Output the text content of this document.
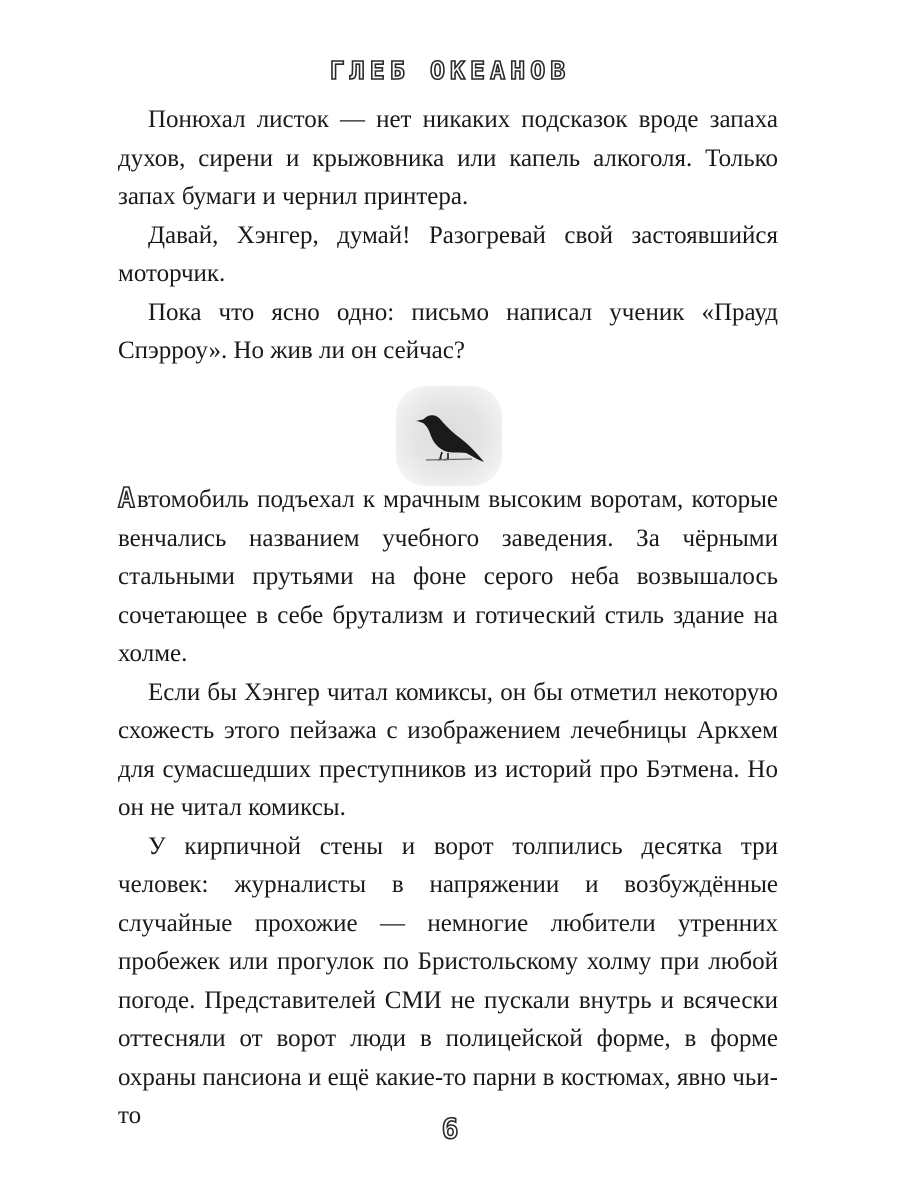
ГЛЕБ ОКЕАНОВ

Понюхал листок — нет никаких подсказок вроде запаха духов, сирени и крыжовника или капель алкоголя. Только запах бумаги и чернил принтера.

Давай, Хэнгер, думай! Разогревай свой застоявшийся моторчик.

Пока что ясно одно: письмо написал ученик «Прауд Спэрроу». Но жив ли он сейчас?

Автомобиль подъехал к мрачным высоким воротам, которые венчались названием учебного заведения. За чёрными стальными прутьями на фоне серого неба возвышалось сочетающее в себе брутализм и готический стиль здание на холме.

Если бы Хэнгер читал комиксы, он бы отметил некоторую схожесть этого пейзажа с изображением лечебницы Аркхем для сумасшедших преступников из историй про Бэтмена. Но он не читал комиксы.

У кирпичной стены и ворот толпились десятка три человек: журналисты в напряжении и возбуждённые случайные прохожие — немногие любители утренних пробежек или прогулок по Бристольскому холму при любой погоде. Представителей СМИ не пускали внутрь и всячески оттесняли от ворот люди в полицейской форме, в форме охраны пансиона и ещё какие-то парни в костюмах, явно чьи-то	6
